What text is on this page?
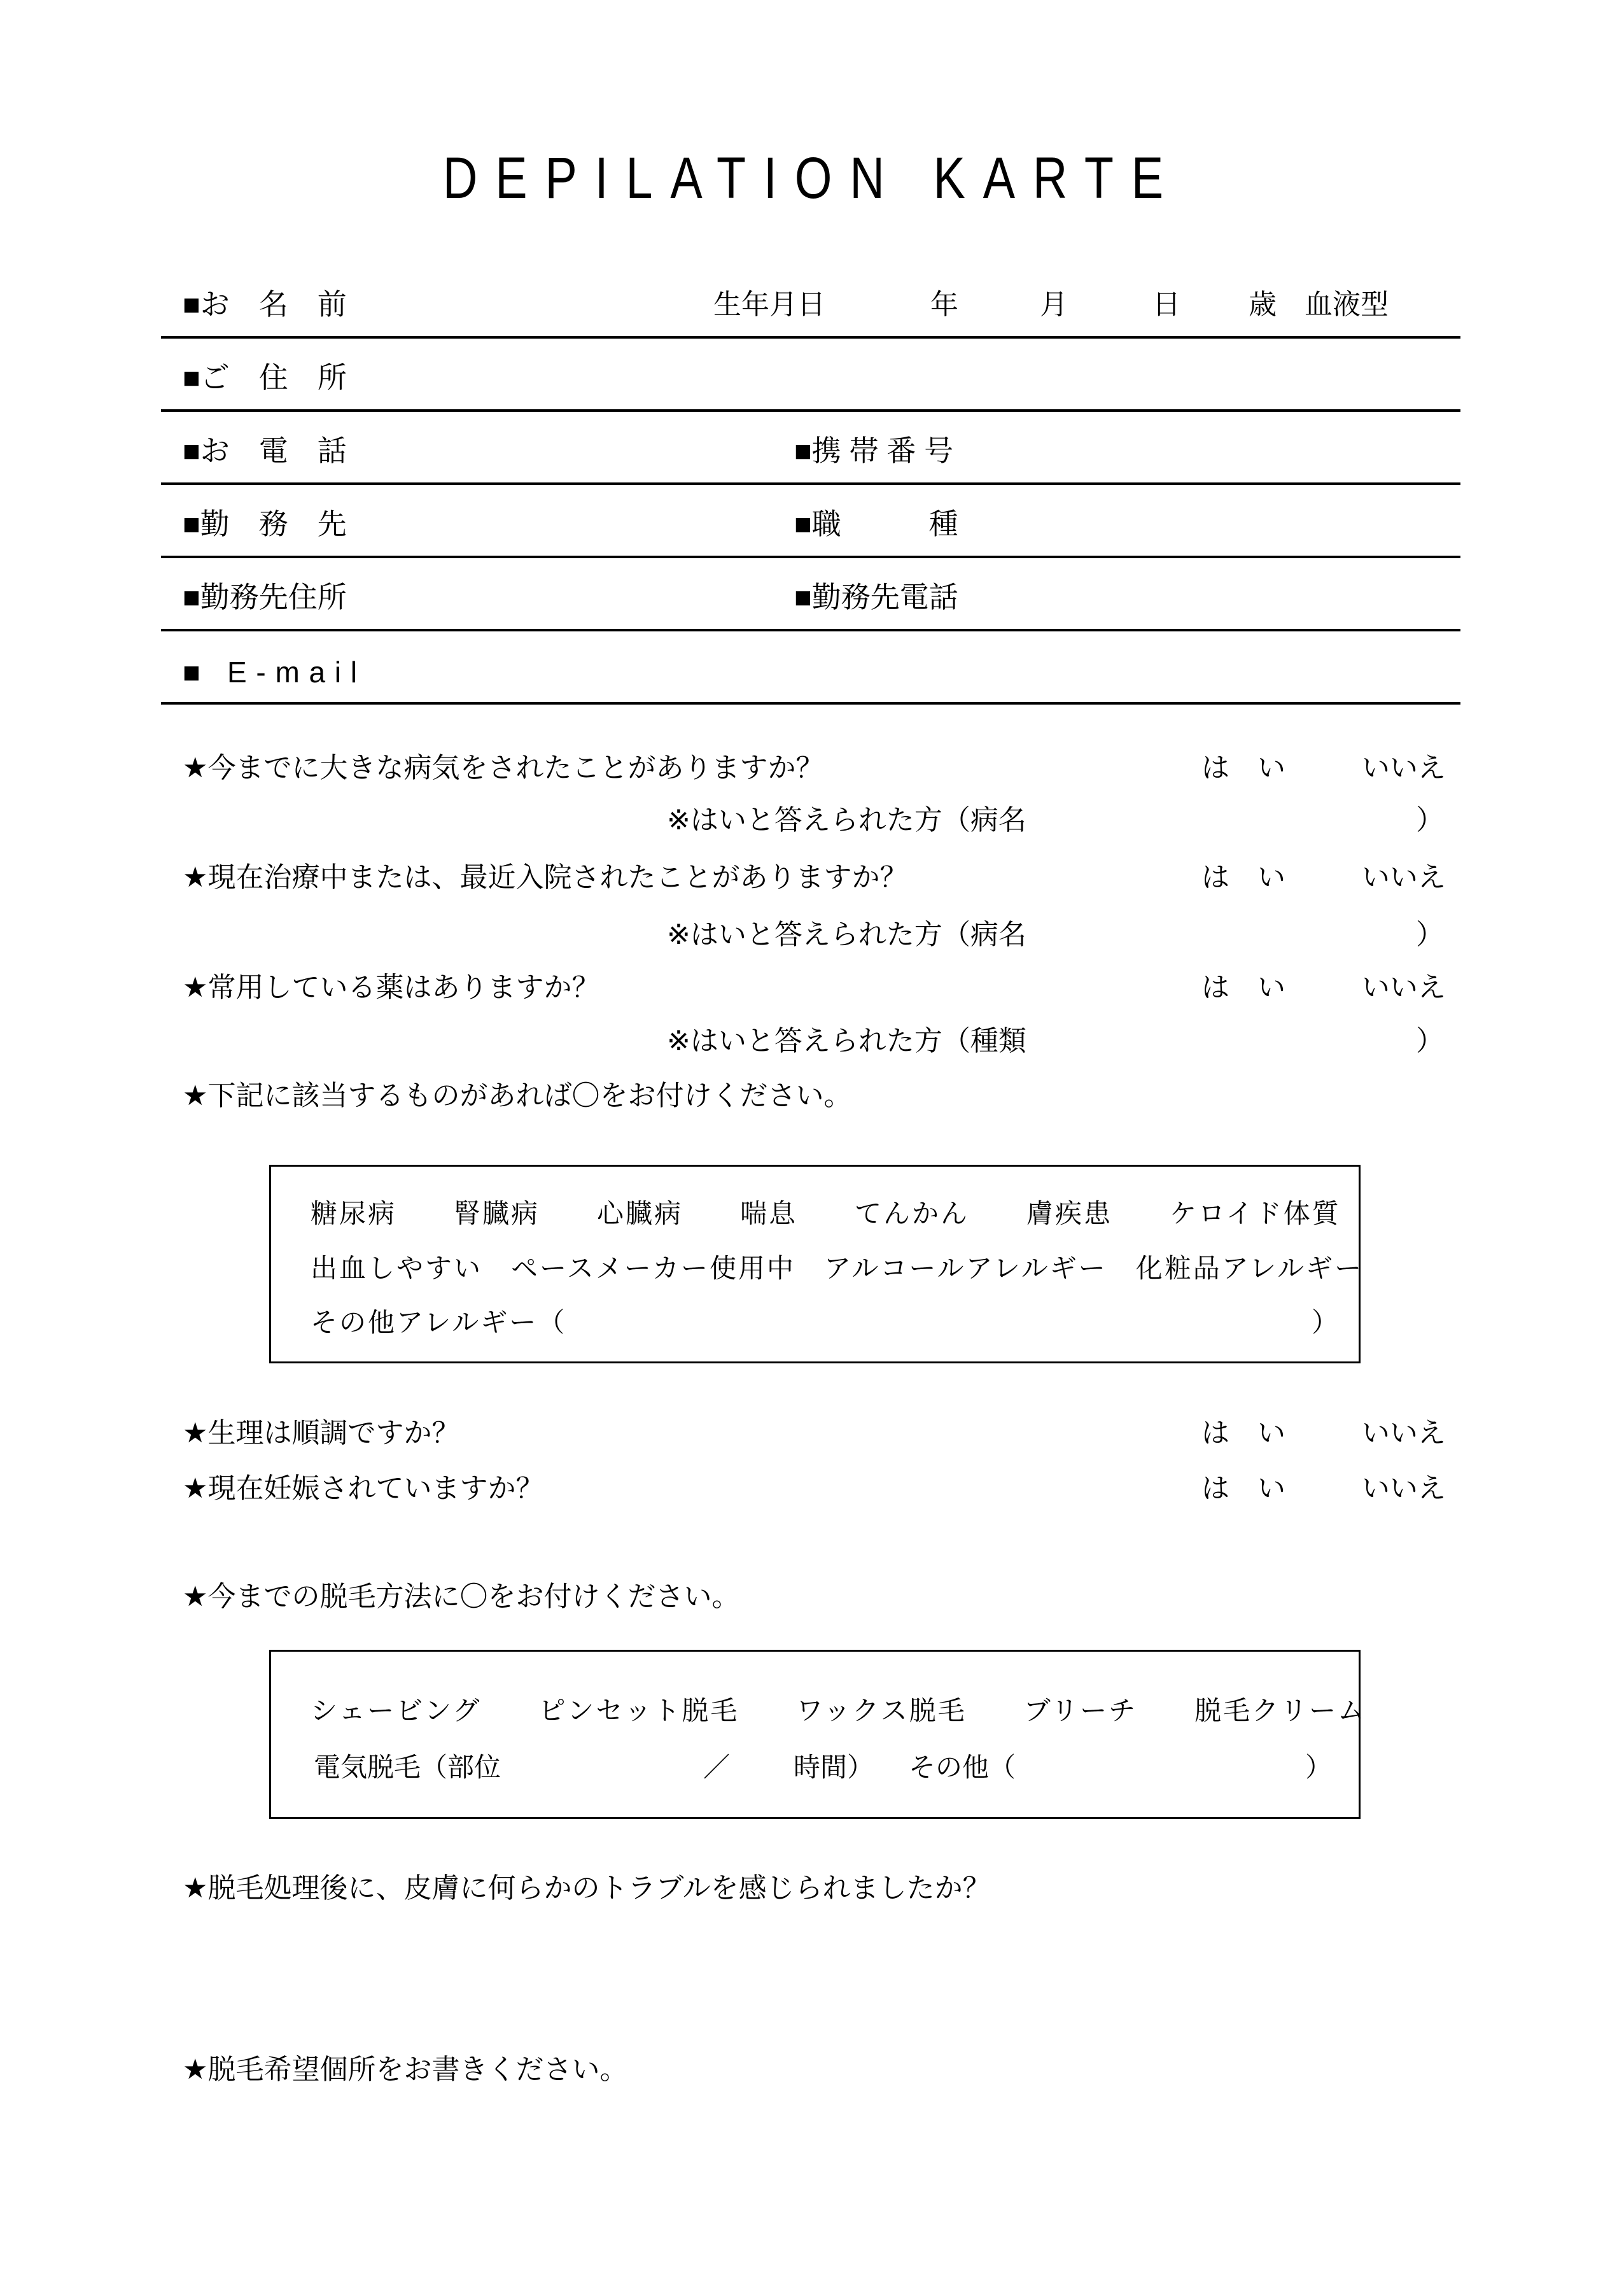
DEPILATION KARTE
■お　名　前	生年月日	年	月	日 歳 血液型
■ご　住　所
■お　電　話	■携 帯 番 号
■勤　務　先	■職　　　種
■勤務先住所	■勤務先電話
■ E-mail
★今までに大きな病気をされたことがありますか？	は　い	いいえ
※はいと答えられた方（病名	）
★現在治療中または、最近入院されたことがありますか？	は　い	いいえ
※はいと答えられた方（病名	）
★常用している薬はありますか？	は　い	いいえ
※はいと答えられた方（種類	）
★下記に該当するものがあれば〇をお付けください。
糖尿病　　腎臓病　　心臓病　　喘息　　てんかん　　膚疾患　　ケロイド体質
出血しやすい　ペースメーカー使用中　アルコールアレルギー　化粧品アレルギー
その他アレルギー（	）
★生理は順調ですか？	は　い	いいえ
★現在妊娠されていますか？	は　い	いいえ
★今までの脱毛方法に〇をお付けください。
シェービング　　ピンセット脱毛　　ワックス脱毛　　ブリーチ　　脱毛クリーム
電気脱毛（部位	／ 時間） その他（	）
★脱毛処理後に、皮膚に何らかのトラブルを感じられましたか？
★脱毛希望個所をお書きください。
